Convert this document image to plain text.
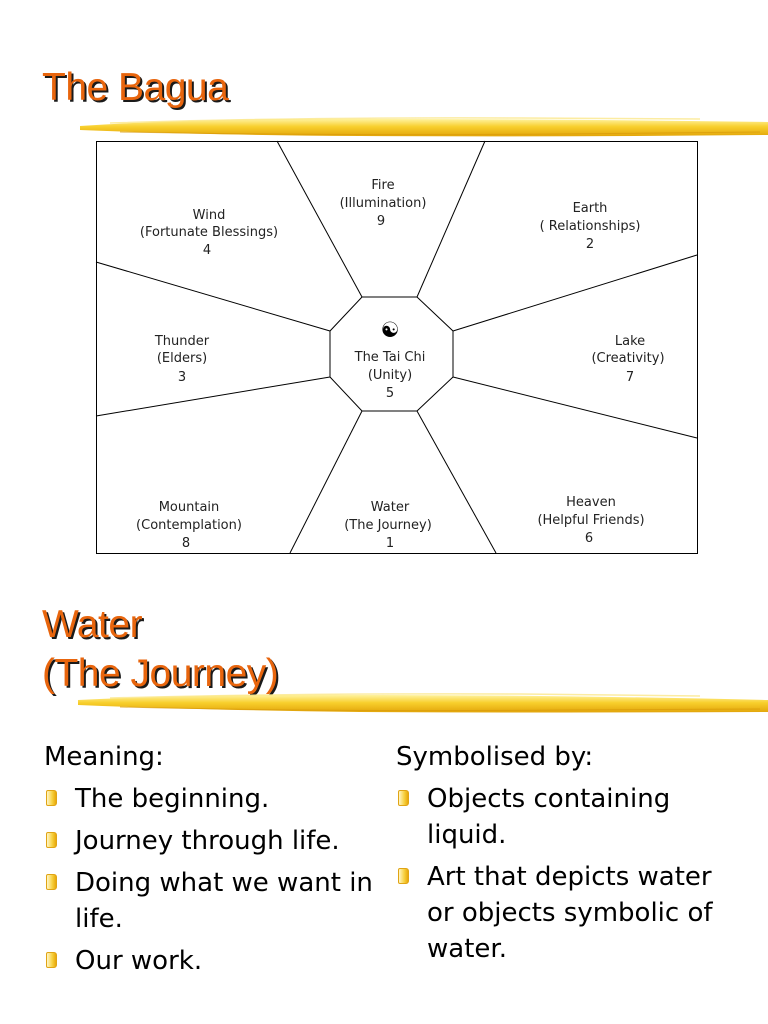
The Bagua
Wind
(Fortunate Blessings)
4
Fire
(Illumination)
9
Earth
( Relationships)
2
Thunder
(Elders)
3
☯
The Tai Chi
(Unity)
5
Lake
(Creativity)
7
Mountain
(Contemplation)
8
Water
(The Journey)
1
Heaven
(Helpful Friends)
6
Water
(The Journey)
Meaning:
The beginning.
Journey through life.
Doing what we want in life.
Our work.
Symbolised by:
Objects containing liquid.
Art that depicts water or objects symbolic of water.
